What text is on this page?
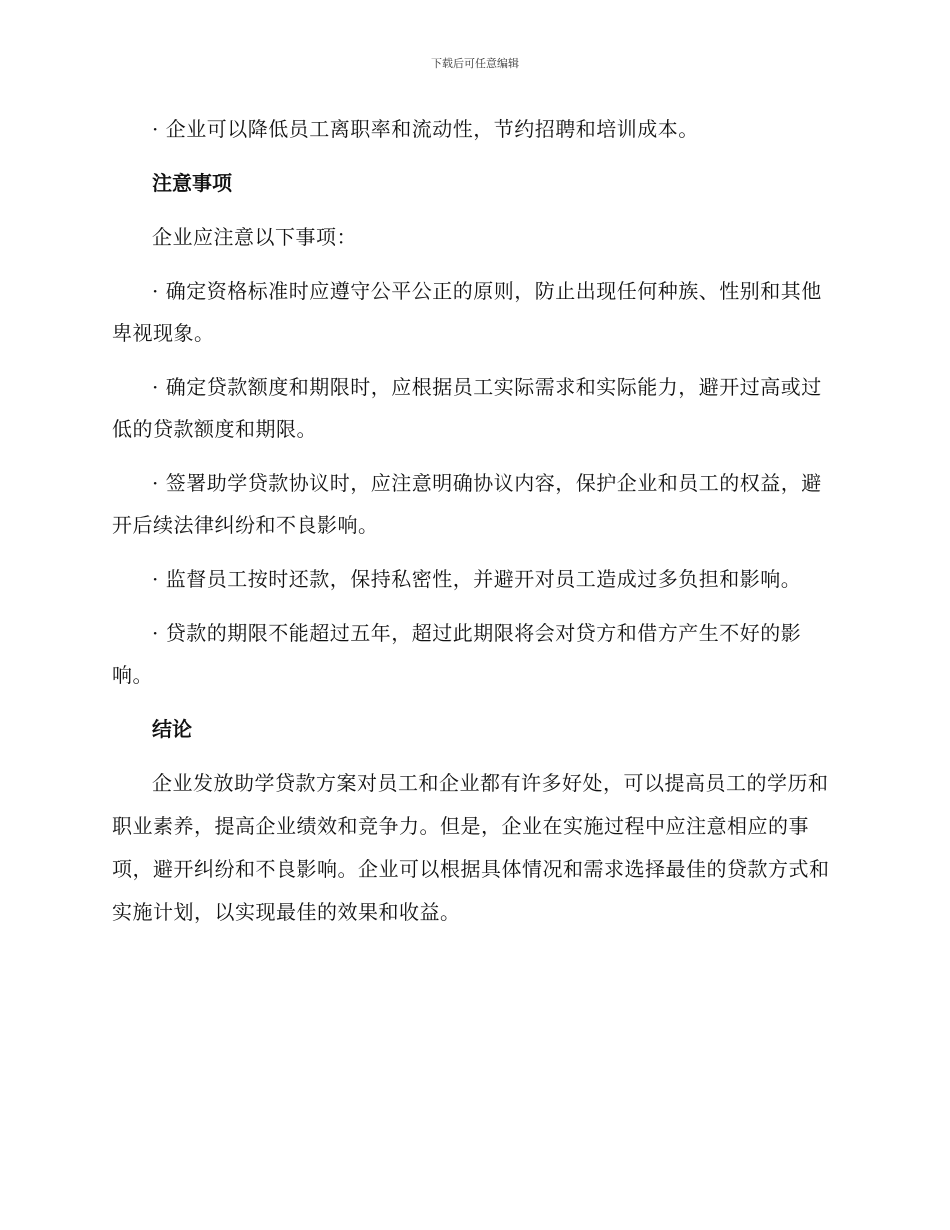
下载后可任意编辑

· 企业可以降低员工离职率和流动性，节约招聘和培训成本。

注意事项

企业应注意以下事项：

· 确定资格标准时应遵守公平公正的原则，防止出现任何种族、性别和其他卑视现象。

· 确定贷款额度和期限时，应根据员工实际需求和实际能力，避开过高或过低的贷款额度和期限。

· 签署助学贷款协议时，应注意明确协议内容，保护企业和员工的权益，避开后续法律纠纷和不良影响。

· 监督员工按时还款，保持私密性，并避开对员工造成过多负担和影响。

· 贷款的期限不能超过五年，超过此期限将会对贷方和借方产生不好的影响。

结论

企业发放助学贷款方案对员工和企业都有许多好处，可以提高员工的学历和职业素养，提高企业绩效和竞争力。但是，企业在实施过程中应注意相应的事项，避开纠纷和不良影响。企业可以根据具体情况和需求选择最佳的贷款方式和实施计划，以实现最佳的效果和收益。
